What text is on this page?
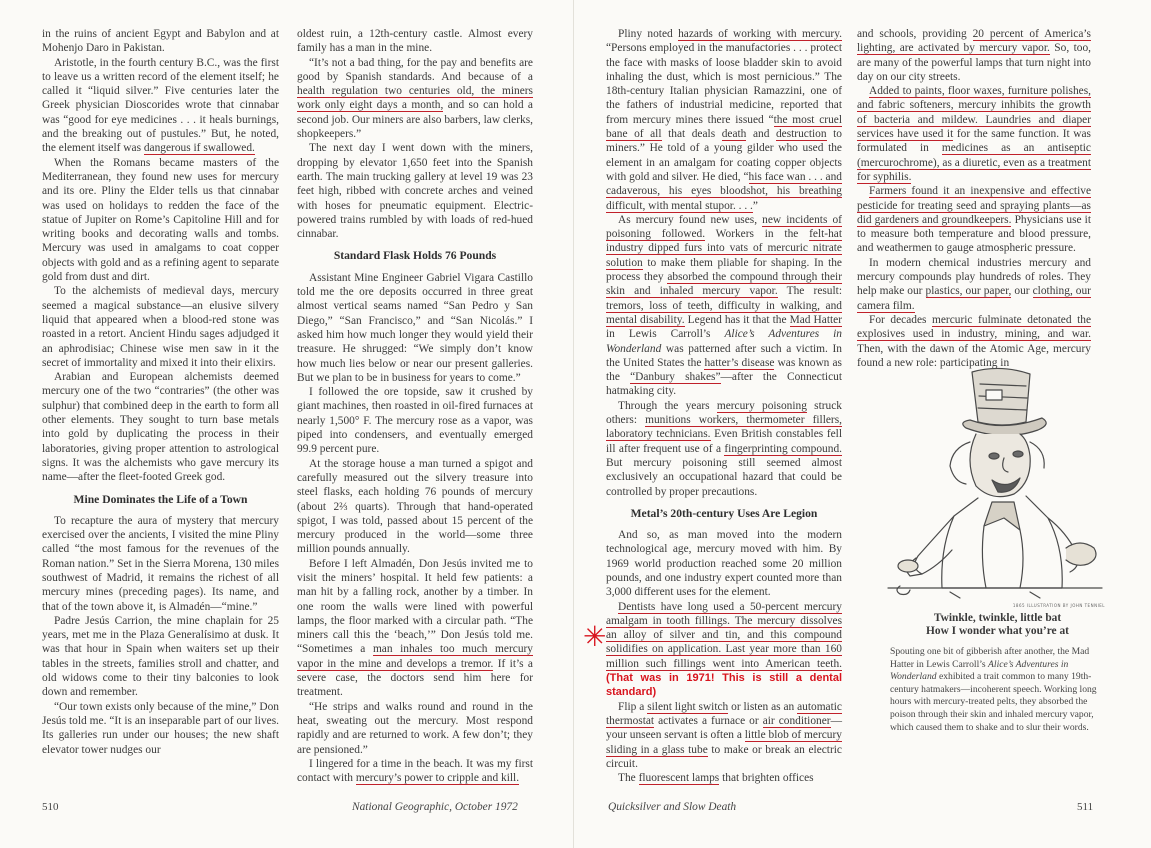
in the ruins of ancient Egypt and Babylon and at Mohenjo Daro in Pakistan.

Aristotle, in the fourth century B.C., was the first to leave us a written record of the element itself; he called it “liquid silver.” Five centuries later the Greek physician Dioscorides wrote that cinnabar was “good for eye medicines . . . it heals burnings, and the breaking out of pustules.” But, he noted, the element itself was dangerous if swallowed.

When the Romans became masters of the Mediterranean, they found new uses for mercury and its ore. Pliny the Elder tells us that cinnabar was used on holidays to redden the face of the statue of Jupiter on Rome’s Capitoline Hill and for writing books and decorating walls and tombs. Mercury was used in amalgams to coat copper objects with gold and as a refining agent to separate gold from dust and dirt.

To the alchemists of medieval days, mercury seemed a magical substance—an elusive silvery liquid that appeared when a blood-red stone was roasted in a retort. Ancient Hindu sages adjudged it an aphrodisiac; Chinese wise men saw in it the secret of immortality and mixed it into their elixirs.

Arabian and European alchemists deemed mercury one of the two “contraries” (the other was sulphur) that combined deep in the earth to form all other elements. They sought to turn base metals into gold by duplicating the process in their laboratories, giving proper attention to astrological signs. It was the alchemists who gave mercury its name—after the fleet-footed Greek god.

Mine Dominates the Life of a Town

To recapture the aura of mystery that mercury exercised over the ancients, I visited the mine Pliny called “the most famous for the revenues of the Roman nation.” Set in the Sierra Morena, 130 miles southwest of Madrid, it remains the richest of all mercury mines (preceding pages). Its name, and that of the town above it, is Almadén—“mine.”

Padre Jesús Carrion, the mine chaplain for 25 years, met me in the Plaza Generalísimo at dusk. It was that hour in Spain when waiters set up their tables in the streets, families stroll and chatter, and old widows come to their tiny balconies to look down and remember.

“Our town exists only because of the mine,” Don Jesús told me. “It is an inseparable part of our lives. Its galleries run under our houses; the new shaft elevator tower nudges our

oldest ruin, a 12th-century castle. Almost every family has a man in the mine.

“It’s not a bad thing, for the pay and benefits are good by Spanish standards. And because of a health regulation two centuries old, the miners work only eight days a month, and so can hold a second job. Our miners are also barbers, law clerks, shopkeepers.”

The next day I went down with the miners, dropping by elevator 1,650 feet into the Spanish earth. The main trucking gallery at level 19 was 23 feet high, ribbed with concrete arches and veined with hoses for pneumatic equipment. Electric-powered trains rumbled by with loads of red-hued cinnabar.

Standard Flask Holds 76 Pounds

Assistant Mine Engineer Gabriel Vigara Castillo told me the ore deposits occurred in three great almost vertical seams named “San Pedro y San Diego,” “San Francisco,” and “San Nicolás.” I asked him how much longer they would yield their treasure. He shrugged: “We simply don’t know how much lies below or near our present galleries. But we plan to be in business for years to come.”

I followed the ore topside, saw it crushed by giant machines, then roasted in oil-fired furnaces at nearly 1,500° F. The mercury rose as a vapor, was piped into condensers, and eventually emerged 99.9 percent pure.

At the storage house a man turned a spigot and carefully measured out the silvery treasure into steel flasks, each holding 76 pounds of mercury (about 2⅔ quarts). Through that hand-operated spigot, I was told, passed about 15 percent of the mercury produced in the world—some three million pounds annually.

Before I left Almadén, Don Jesús invited me to visit the miners’ hospital. It held few patients: a man hit by a falling rock, another by a timber. In one room the walls were lined with powerful lamps, the floor marked with a circular path. “The miners call this the ‘beach,’” Don Jesús told me. “Sometimes a man inhales too much mercury vapor in the mine and develops a tremor. If it’s a severe case, the doctors send him here for treatment.

“He strips and walks round and round in the heat, sweating out the mercury. Most respond rapidly and are returned to work. A few don’t; they are pensioned.”

I lingered for a time in the beach. It was my first contact with mercury’s power to cripple and kill.

510	National Geographic, October 1972

Pliny noted hazards of working with mercury. “Persons employed in the manufactories . . . protect the face with masks of loose bladder skin to avoid inhaling the dust, which is most pernicious.” The 18th-century Italian physician Ramazzini, one of the fathers of industrial medicine, reported that from mercury mines there issued “the most cruel bane of all that deals death and destruction to miners.” He told of a young gilder who used the element in an amalgam for coating copper objects with gold and silver. He died, “his face wan . . . and cadaverous, his eyes bloodshot, his breathing difficult, with mental stupor. . . .”

As mercury found new uses, new incidents of poisoning followed. Workers in the felt-hat industry dipped furs into vats of mercuric nitrate solution to make them pliable for shaping. In the process they absorbed the compound through their skin and inhaled mercury vapor. The result: tremors, loss of teeth, difficulty in walking, and mental disability. Legend has it that the Mad Hatter in Lewis Carroll’s Alice’s Adventures in Wonderland was patterned after such a victim. In the United States the hatter’s disease was known as the “Danbury shakes”—after the Connecticut hatmaking city.

Through the years mercury poisoning struck others: munitions workers, thermometer fillers, laboratory technicians. Even British constables fell ill after frequent use of a fingerprinting compound. But mercury poisoning still seemed almost exclusively an occupational hazard that could be controlled by proper precautions.

Metal’s 20th-century Uses Are Legion

And so, as man moved into the modern technological age, mercury moved with him. By 1969 world production reached some 20 million pounds, and one industry expert counted more than 3,000 different uses for the element.

Dentists have long used a 50-percent mercury amalgam in tooth fillings. The mercury dissolves an alloy of silver and tin, and this compound solidifies on application. Last year more than 160 million such fillings went into American teeth. (That was in 1971! This is still a dental standard)

Flip a silent light switch or listen as an automatic thermostat activates a furnace or air conditioner—your unseen servant is often a little blob of mercury sliding in a glass tube to make or break an electric circuit.

The fluorescent lamps that brighten offices

and schools, providing 20 percent of America’s lighting, are activated by mercury vapor. So, too, are many of the powerful lamps that turn night into day on our city streets.

Added to paints, floor waxes, furniture polishes, and fabric softeners, mercury inhibits the growth of bacteria and mildew. Laundries and diaper services have used it for the same function. It was formulated in medicines as an antiseptic (mercurochrome), as a diuretic, even as a treatment for syphilis.

Farmers found it an inexpensive and effective pesticide for treating seed and spraying plants—as did gardeners and groundkeepers. Physicians use it to measure both temperature and blood pressure, and weathermen to gauge atmospheric pressure.

In modern chemical industries mercury and mercury compounds play hundreds of roles. They help make our plastics, our paper, our clothing, our camera film.

For decades mercuric fulminate detonated the explosives used in industry, mining, and war. Then, with the dawn of the Atomic Age, mercury found a new role: participating in

1865 ILLUSTRATION BY JOHN TENNIEL
Twinkle, twinkle, little bat
How I wonder what you’re at
Spouting one bit of gibberish after another, the Mad Hatter in Lewis Carroll’s Alice’s Adventures in Wonderland exhibited a trait common to many 19th-century hatmakers—incoherent speech. Working long hours with mercury-treated pelts, they absorbed the poison through their skin and inhaled mercury vapor, which caused them to shake and to slur their words.
✳
Quicksilver and Slow Death	511
